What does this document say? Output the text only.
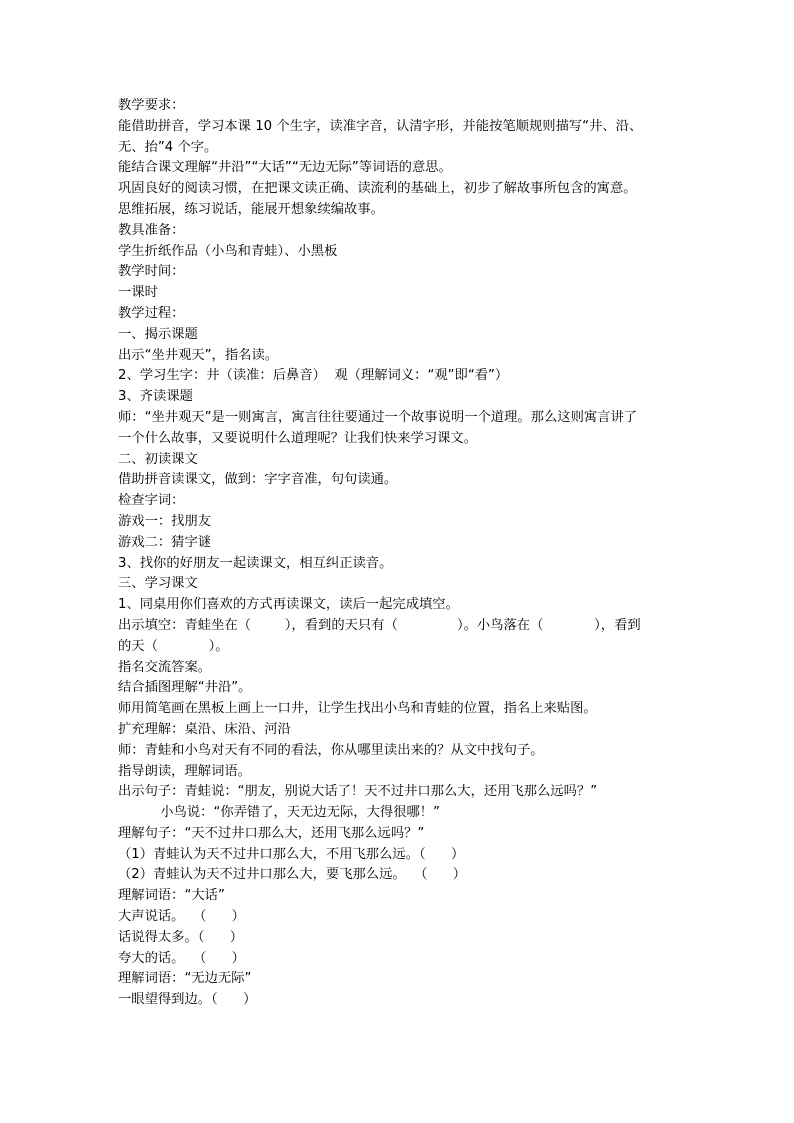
教学要求：
能借助拼音，学习本课 10 个生字，读准字音，认清字形，并能按笔顺规则描写“井、沿、
无、抬”4 个字。
能结合课文理解“井沿”“大话”“无边无际”等词语的意思。
巩固良好的阅读习惯，在把课文读正确、读流利的基础上，初步了解故事所包含的寓意。
思维拓展，练习说话，能展开想象续编故事。
教具准备：
学生折纸作品（小鸟和青蛙）、小黑板
教学时间：
一课时
教学过程：
一、揭示课题
出示“坐井观天”，指名读。
2、学习生字：井（读准：后鼻音）  观（理解词义：“观”即“看”）
3、齐读课题
师：“坐井观天”是一则寓言，寓言往往要通过一个故事说明一个道理。那么这则寓言讲了
一个什么故事，又要说明什么道理呢？让我们快来学习课文。
二、初读课文
借助拼音读课文，做到：字字音准，句句读通。
检查字词：
游戏一：找朋友
游戏二：猜字谜
3、找你的好朋友一起读课文，相互纠正读音。
三、学习课文
1、同桌用你们喜欢的方式再读课文，读后一起完成填空。
出示填空：青蛙坐在（        ），看到的天只有（              ）。小鸟落在（            ），看到
的天（            ）。
指名交流答案。
结合插图理解“井沿”。
师用简笔画在黑板上画上一口井，让学生找出小鸟和青蛙的位置，指名上来贴图。
扩充理解：桌沿、床沿、河沿
师：青蛙和小鸟对天有不同的看法，你从哪里读出来的？从文中找句子。
指导朗读，理解词语。
出示句子：青蛙说：“朋友，别说大话了！天不过井口那么大，还用飞那么远吗？”
小鸟说：“你弄错了，天无边无际，大得很哪！”
理解句子：“天不过井口那么大，还用飞那么远吗？”
（1）青蛙认为天不过井口那么大，不用飞那么远。（      ）
（2）青蛙认为天不过井口那么大，要飞那么远。  （      ）
理解词语：“大话”
大声说话。  （      ）
话说得太多。（      ）
夸大的话。  （      ）
理解词语：“无边无际”
一眼望得到边。（      ）
